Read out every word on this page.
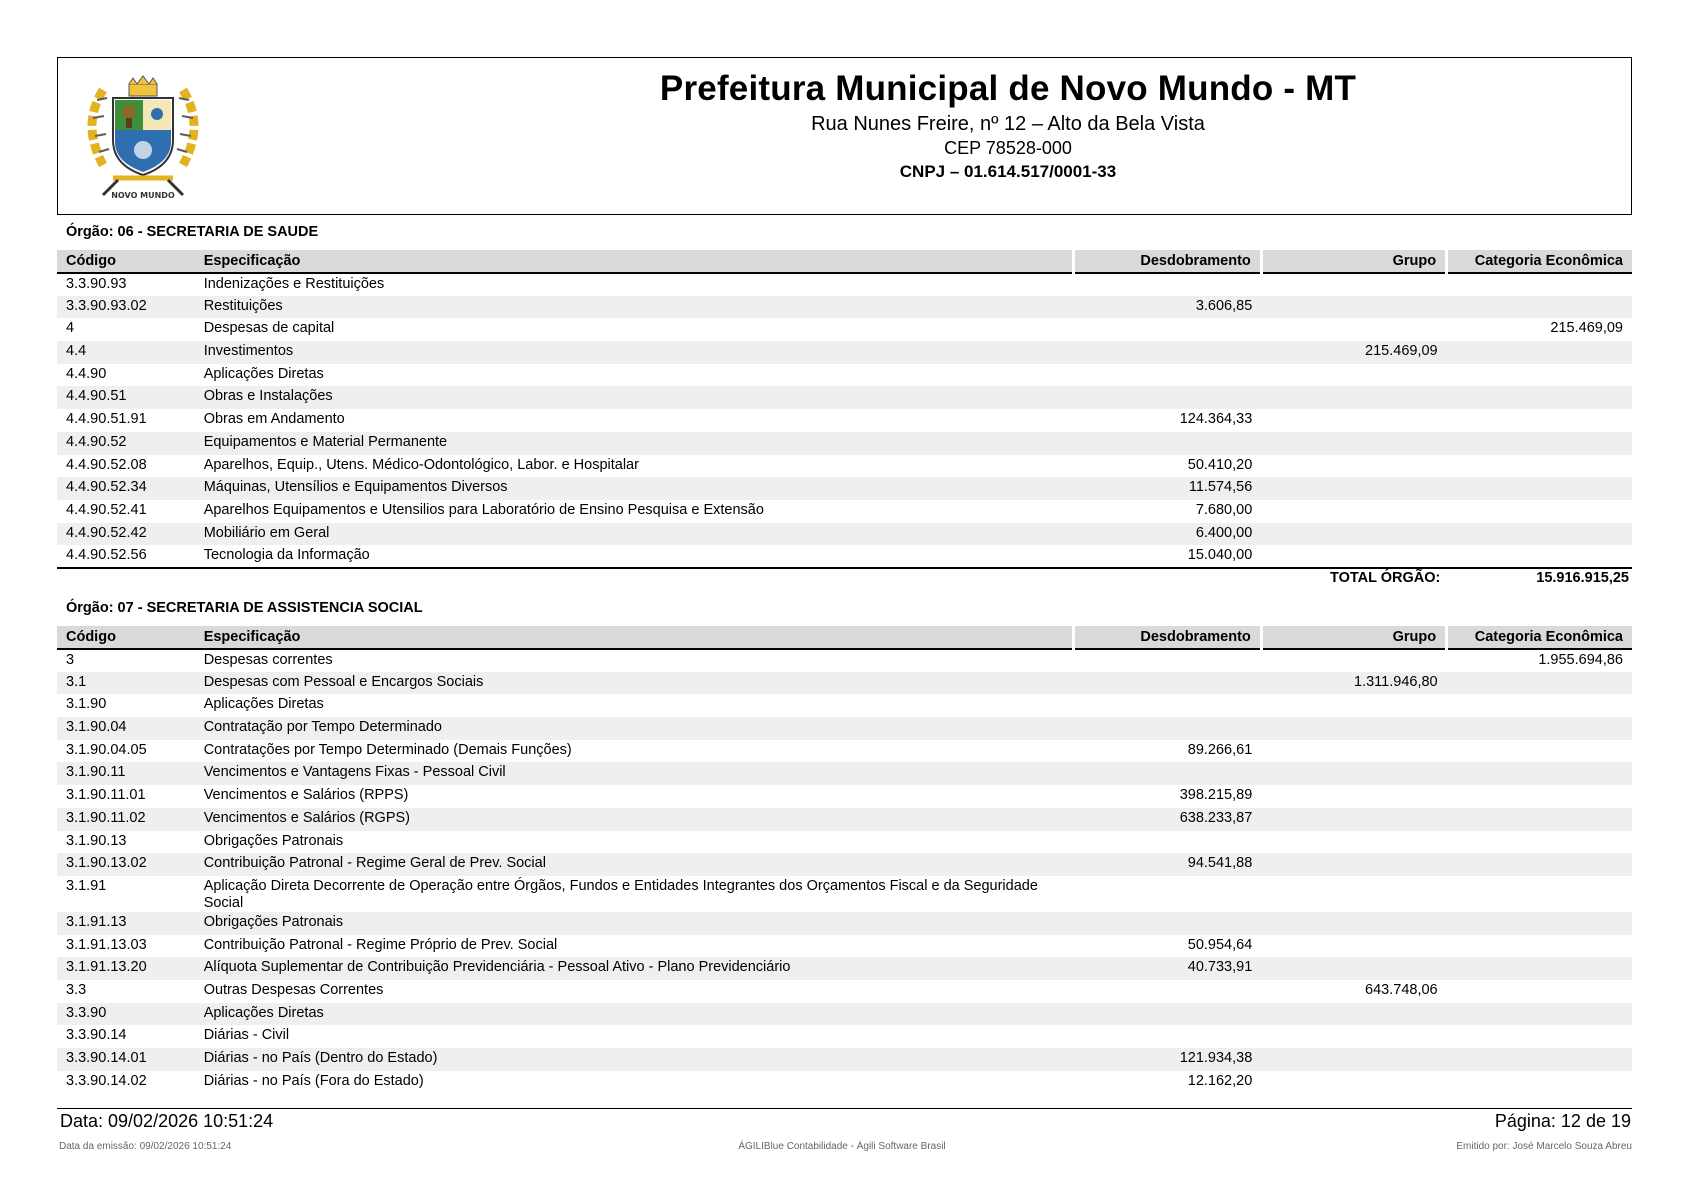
NOVO MUNDO
Prefeitura Municipal de Novo Mundo - MT
Rua Nunes Freire, nº 12 – Alto da Bela Vista
CEP 78528-000
CNPJ – 01.614.517/0001-33
Órgão: 06 - SECRETARIA DE SAUDE
Código	Especificação	Desdobramento	Grupo	Categoria Econômica
3.3.90.93	Indenizações e Restituições			
3.3.90.93.02	Restituições	3.606,85		
4	Despesas de capital			215.469,09
4.4	Investimentos		215.469,09	
4.4.90	Aplicações Diretas			
4.4.90.51	Obras e Instalações			
4.4.90.51.91	Obras em Andamento	124.364,33		
4.4.90.52	Equipamentos e Material Permanente			
4.4.90.52.08	Aparelhos, Equip., Utens. Médico-Odontológico, Labor. e Hospitalar	50.410,20		
4.4.90.52.34	Máquinas, Utensílios e Equipamentos Diversos	11.574,56		
4.4.90.52.41	Aparelhos Equipamentos e Utensilios para Laboratório de Ensino Pesquisa e Extensão	7.680,00		
4.4.90.52.42	Mobiliário em Geral	6.400,00		
4.4.90.52.56	Tecnologia da Informação	15.040,00		
TOTAL ÓRGÃO:	15.916.915,25
Órgão: 07 - SECRETARIA DE ASSISTENCIA SOCIAL
Código	Especificação	Desdobramento	Grupo	Categoria Econômica
3	Despesas correntes			1.955.694,86
3.1	Despesas com Pessoal e Encargos Sociais		1.311.946,80	
3.1.90	Aplicações Diretas			
3.1.90.04	Contratação por Tempo Determinado			
3.1.90.04.05	Contratações por Tempo Determinado (Demais Funções)	89.266,61		
3.1.90.11	Vencimentos e Vantagens Fixas - Pessoal Civil			
3.1.90.11.01	Vencimentos e Salários (RPPS)	398.215,89		
3.1.90.11.02	Vencimentos e Salários (RGPS)	638.233,87		
3.1.90.13	Obrigações Patronais			
3.1.90.13.02	Contribuição Patronal - Regime Geral de Prev. Social	94.541,88		
3.1.91	Aplicação Direta Decorrente de Operação entre Órgãos, Fundos e Entidades Integrantes dos Orçamentos Fiscal e da Seguridade Social			
3.1.91.13	Obrigações Patronais			
3.1.91.13.03	Contribuição Patronal - Regime Próprio de Prev. Social	50.954,64		
3.1.91.13.20	Alíquota Suplementar de Contribuição Previdenciária - Pessoal Ativo - Plano Previdenciário	40.733,91		
3.3	Outras Despesas Correntes		643.748,06	
3.3.90	Aplicações Diretas			
3.3.90.14	Diárias - Civil			
3.3.90.14.01	Diárias - no País (Dentro do Estado)	121.934,38		
3.3.90.14.02	Diárias - no País (Fora do Estado)	12.162,20		
Data: 09/02/2026 10:51:24	Página: 12 de 19
Data da emissão: 09/02/2026 10:51:24	ÁGILIBlue Contabilidade - Ágili Software Brasil	Emitido por: José Marcelo Souza Abreu
